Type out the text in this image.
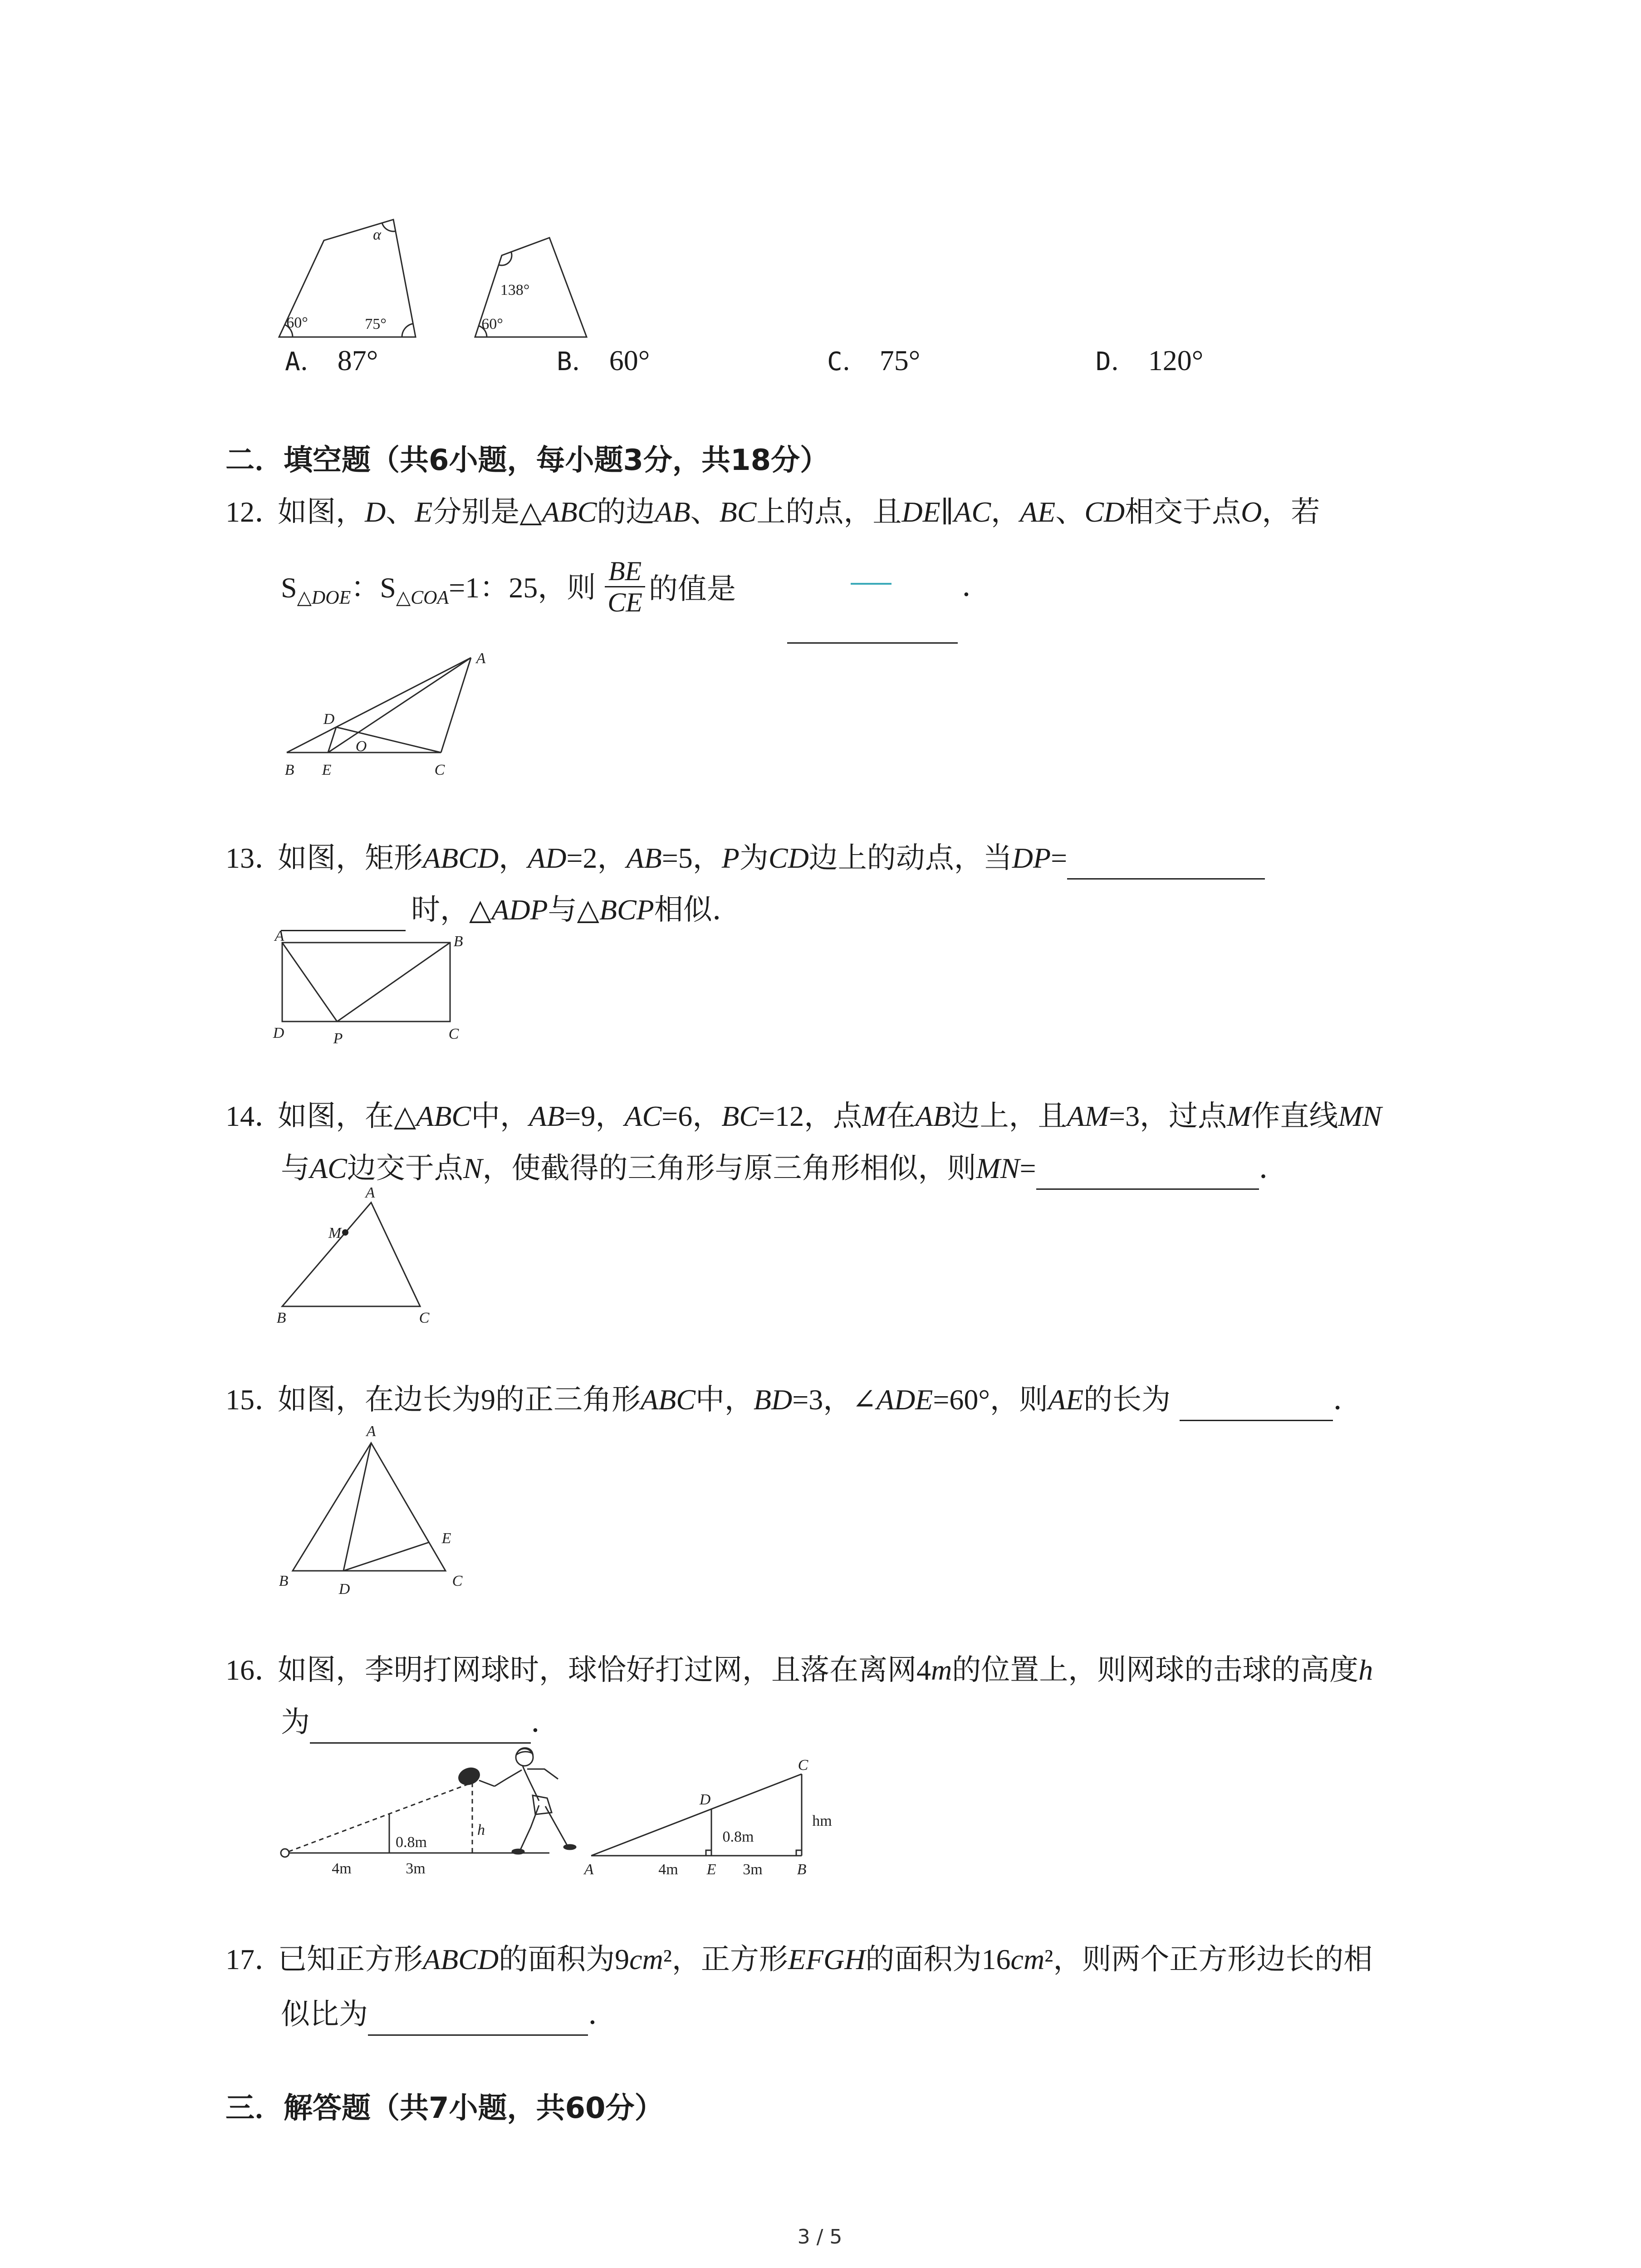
α
60°	75°
138°
60°
A． 87°	B． 60°	C． 75°	D． 120°
二．填空题（共6小题，每小题3分，共18分）
12．如图，D、E分别是△ABC的边AB、BC上的点，且DE∥AC，AE、CD相交于点O，若
$S_{\triangle DOE}$：$S_{\triangle COA}=1$：25，则 $\frac{BE}{CE}$ 的值是	．
A
D
O
B E	C
13．如图，矩形ABCD，AD=2，AB=5，P为CD边上的动点，当DP=
时，△ADP与△BCP相似．
A	B
D	P	C
14．如图，在△ABC中，AB=9，AC=6，BC=12，点M在AB边上，且AM=3，过点M作直线MN
与AC边交于点N，使截得的三角形与原三角形相似，则MN=	．
A
M
B	C
15．如图，在边长为9的正三角形ABC中，BD=3，∠ADE=60°，则AE的长为	．
A
E
B	D	C
16．如图，李明打网球时，球恰好打过网，且落在离网4m的位置上，则网球的击球的高度h
为	．
0.8m
h
4m	3m
C
D
0.8m
hm
A	4m E 3m B
17．已知正方形ABCD的面积为9cm²，正方形EFGH的面积为16cm²，则两个正方形边长的相
似比为	．
三．解答题（共7小题，共60分）
3 / 5
